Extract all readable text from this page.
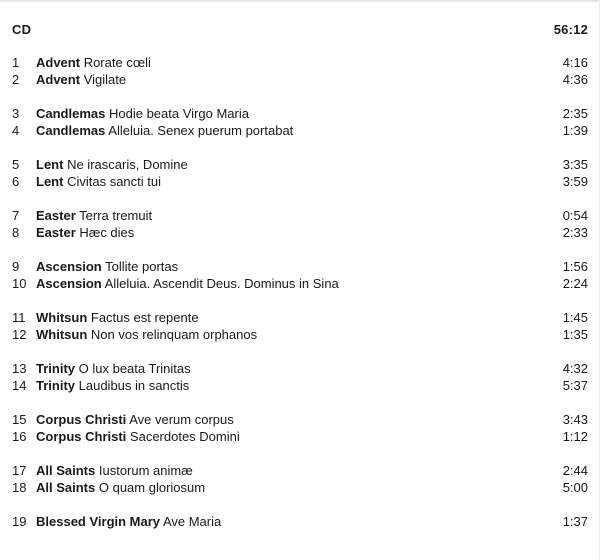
CD	56:12
1	Advent Rorate cœli	4:16
2	Advent Vigilate	4:36
3	Candlemas Hodie beata Virgo Maria	2:35
4	Candlemas Alleluia. Senex puerum portabat	1:39
5	Lent Ne irascaris, Domine	3:35
6	Lent Civitas sancti tui	3:59
7	Easter Terra tremuit	0:54
8	Easter Hæc dies	2:33
9	Ascension Tollite portas	1:56
10 Ascension Alleluia. Ascendit Deus. Dominus in Sina	2:24
11 Whitsun Factus est repente	1:45
12 Whitsun Non vos relinquam orphanos	1:35
13 Trinity O lux beata Trinitas	4:32
14 Trinity Laudibus in sanctis	5:37
15 Corpus Christi Ave verum corpus	3:43
16 Corpus Christi Sacerdotes Domini	1:12
17 All Saints Iustorum animæ	2:44
18 All Saints O quam gloriosum	5:00
19 Blessed Virgin Mary Ave Maria	1:37
